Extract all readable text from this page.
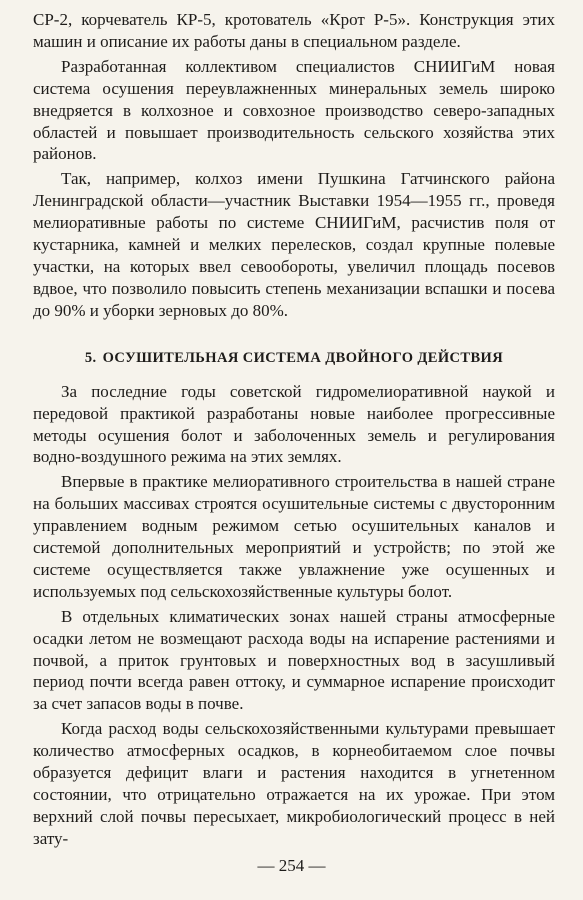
СР-2, корчеватель КР-5, кротователь «Крот Р-5». Конструкция этих машин и описание их работы даны в специальном разделе.

Разработанная коллективом специалистов СНИИГиМ новая система осушения переувлажненных минеральных земель широко внедряется в колхозное и совхозное производство северо-западных областей и повышает производительность сельского хозяйства этих районов.

Так, например, колхоз имени Пушкина Гатчинского района Ленинградской области—участник Выставки 1954—1955 гг., проведя мелиоративные работы по системе СНИИГиМ, расчистив поля от кустарника, камней и мелких перелесков, создал крупные полевые участки, на которых ввел севообороты, увеличил площадь посевов вдвое, что позволило повысить степень механизации вспашки и посева до 90% и уборки зерновых до 80%.

5. ОСУШИТЕЛЬНАЯ СИСТЕМА ДВОЙНОГО ДЕЙСТВИЯ

За последние годы советской гидромелиоративной наукой и передовой практикой разработаны новые наиболее прогрессивные методы осушения болот и заболоченных земель и регулирования водно-воздушного режима на этих землях.

Впервые в практике мелиоративного строительства в нашей стране на больших массивах строятся осушительные системы с двусторонним управлением водным режимом сетью осушительных каналов и системой дополнительных мероприятий и устройств; по этой же системе осуществляется также увлажнение уже осушенных и используемых под сельскохозяйственные культуры болот.

В отдельных климатических зонах нашей страны атмосферные осадки летом не возмещают расхода воды на испарение растениями и почвой, а приток грунтовых и поверхностных вод в засушливый период почти всегда равен оттоку, и суммарное испарение происходит за счет запасов воды в почве.

Когда расход воды сельскохозяйственными культурами превышает количество атмосферных осадков, в корнеобитаемом слое почвы образуется дефицит влаги и растения находится в угнетенном состоянии, что отрицательно отражается на их урожае. При этом верхний слой почвы пересыхает, микробиологический процесс в ней зату-

— 254 —
